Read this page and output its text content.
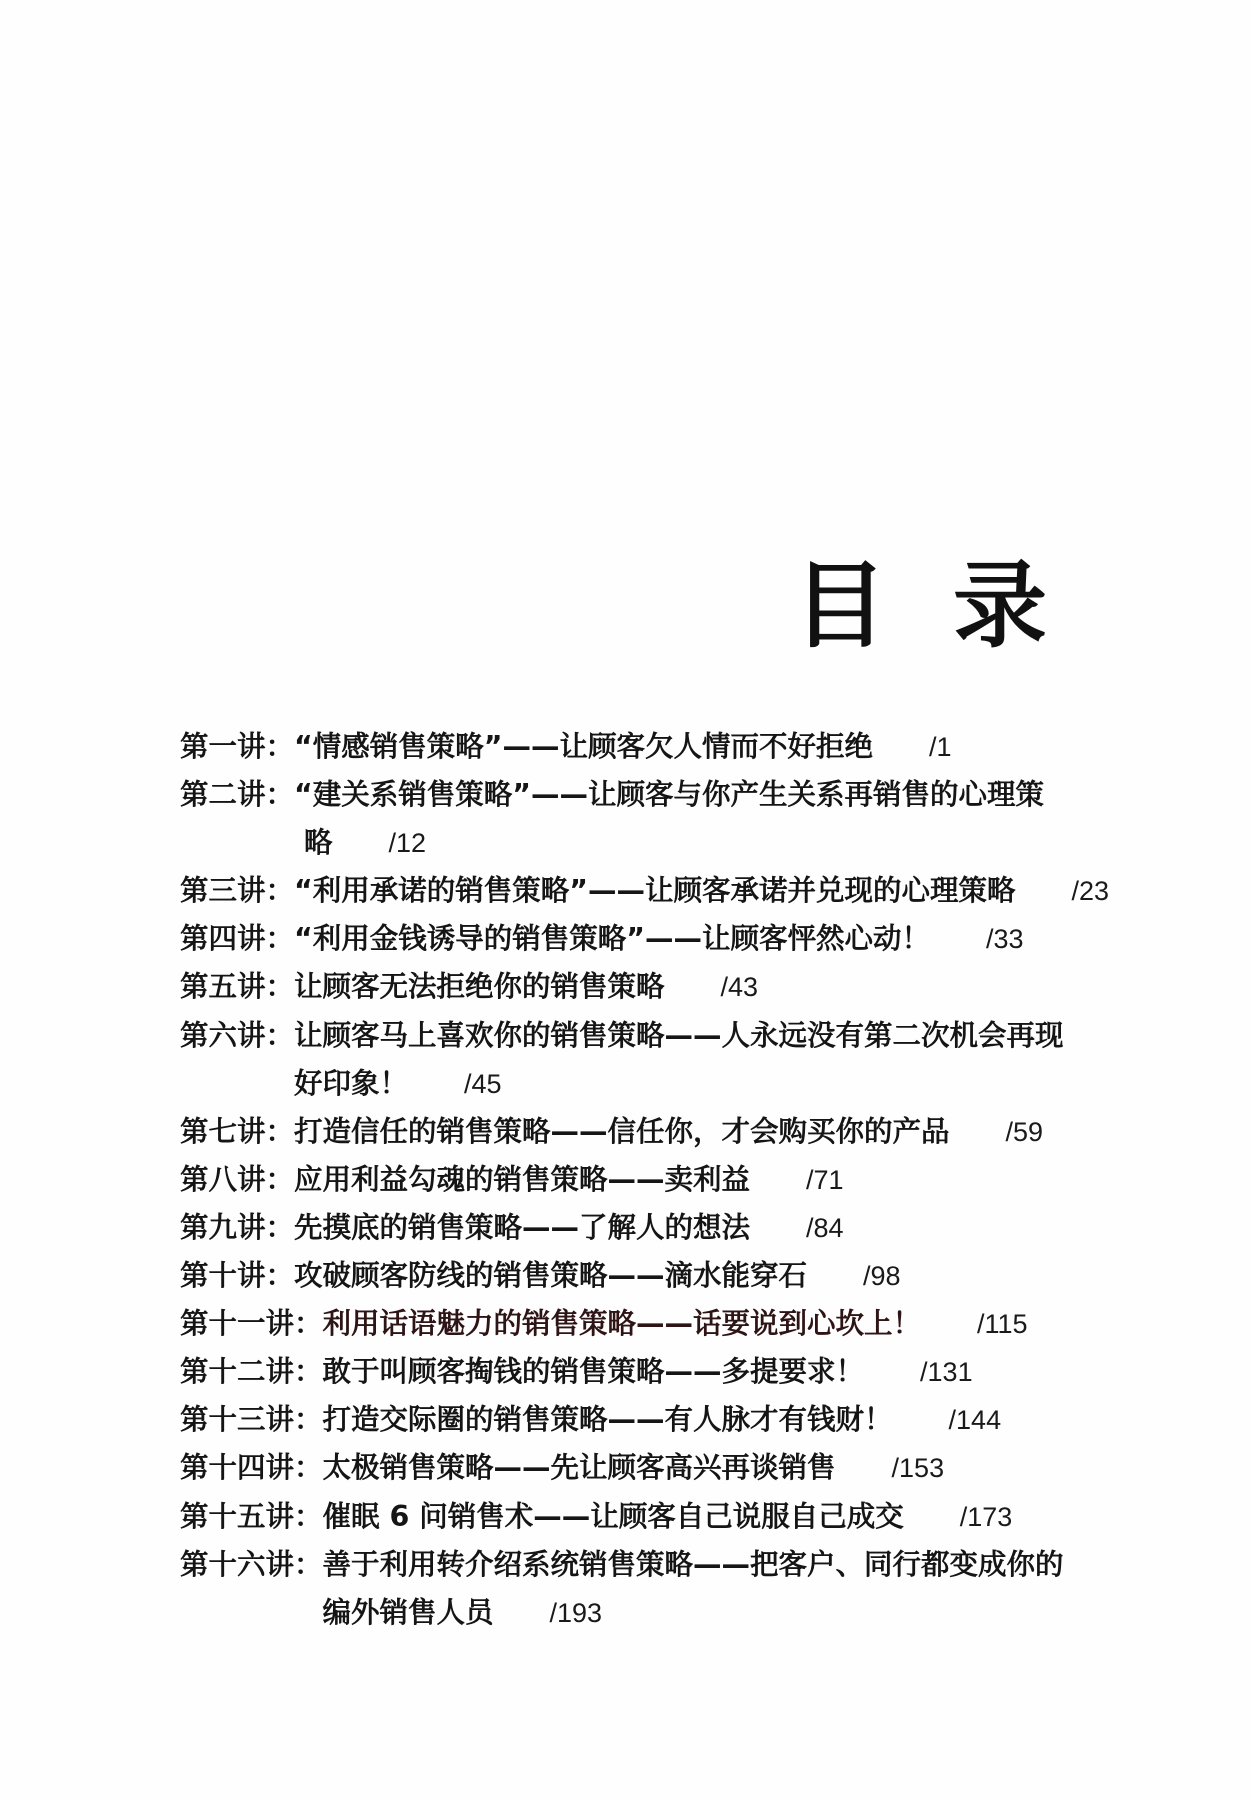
目录
第一讲： “情感销售策略”——让顾客欠人情而不好拒绝 /1
第二讲： “建关系销售策略”——让顾客与你产生关系再销售的心理策
略 /12
第三讲： “利用承诺的销售策略”——让顾客承诺并兑现的心理策略 /23
第四讲： “利用金钱诱导的销售策略”——让顾客怦然心动！ /33
第五讲： 让顾客无法拒绝你的销售策略 /43
第六讲： 让顾客马上喜欢你的销售策略——人永远没有第二次机会再现
好印象！ /45
第七讲： 打造信任的销售策略——信任你，才会购买你的产品 /59
第八讲： 应用利益勾魂的销售策略——卖利益 /71
第九讲： 先摸底的销售策略——了解人的想法 /84
第十讲： 攻破顾客防线的销售策略——滴水能穿石 /98
第十一讲： 利用话语魅力的销售策略——话要说到心坎上！ /115
第十二讲： 敢于叫顾客掏钱的销售策略——多提要求！ /131
第十三讲： 打造交际圈的销售策略——有人脉才有钱财！ /144
第十四讲： 太极销售策略——先让顾客高兴再谈销售 /153
第十五讲： 催眠 6 问销售术——让顾客自己说服自己成交 /173
第十六讲： 善于利用转介绍系统销售策略——把客户、同行都变成你的
编外销售人员 /193
